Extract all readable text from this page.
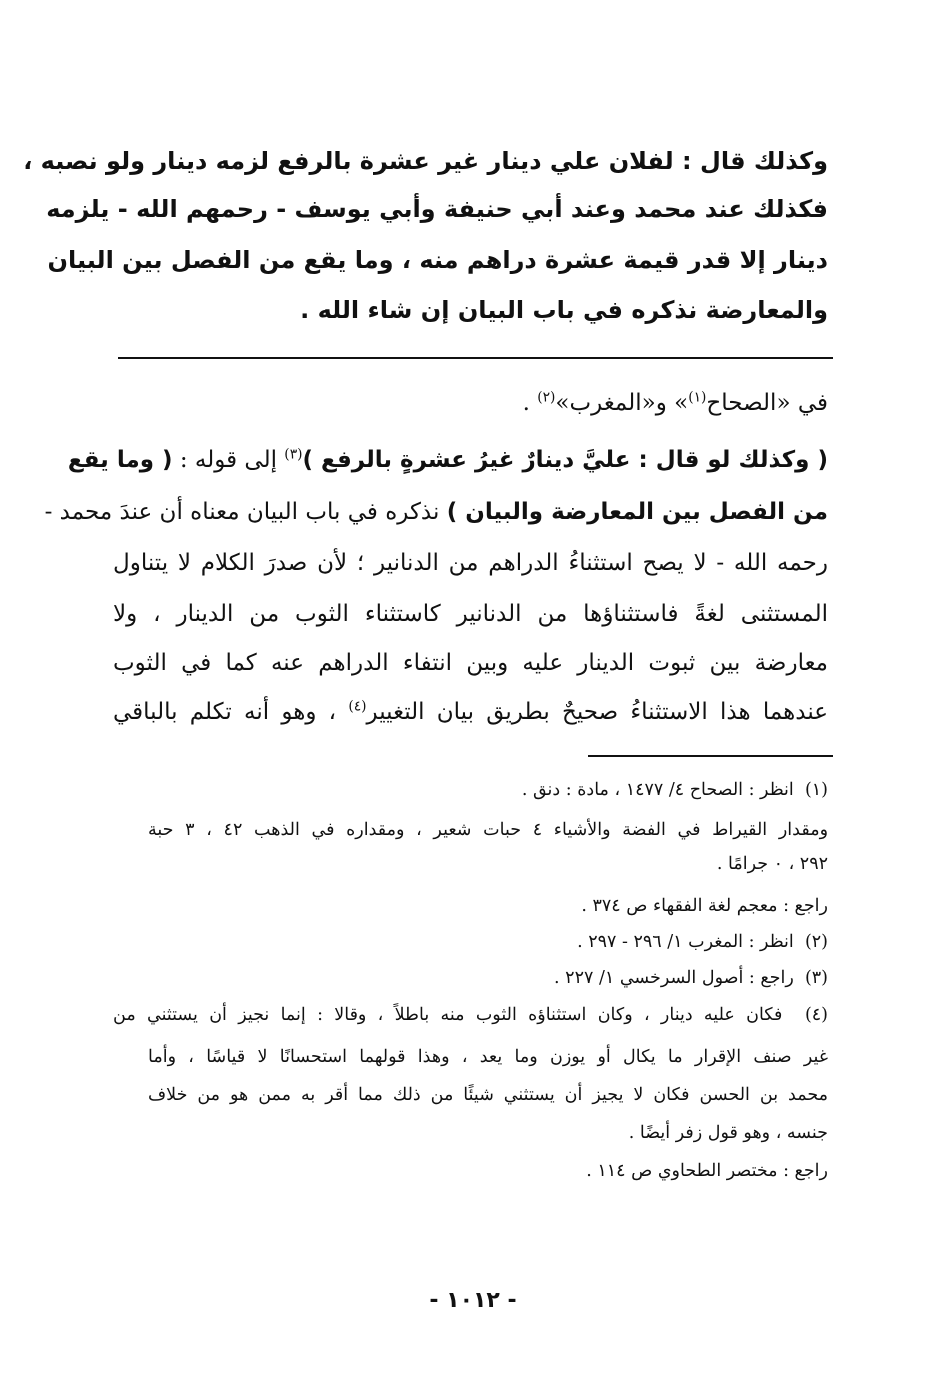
وكذلك قال : لفلان علي دينار غير عشرة بالرفع لزمه دينار ولو نصبه ،
فكذلك عند محمد وعند أبي حنيفة وأبي يوسف - رحمهم الله - يلزمه
دينار إلا قدر قيمة عشرة دراهم منه ، وما يقع من الفصل بين البيان
والمعارضة نذكره في باب البيان إن شاء الله .
في «الصحاح$^{(١)}$» و«المغرب»$^{(٢)}$ .
( وكذلك لو قال : عليَّ دينارٌ غيرُ عشرةٍ بالرفع )$^{(٣)}$ إلى قوله : ( وما يقع
من الفصل بين المعارضة والبيان ) نذكره في باب البيان معناه أن عندَ محمد -
رحمه الله - لا يصح استثناءُ الدراهم من الدنانير ؛ لأن صدرَ الكلام لا يتناول
المستثنى لغةً فاستثناؤها من الدنانير كاستثناء الثوب من الدينار ، ولا
معارضة بين ثبوت الدينار عليه وبين انتفاء الدراهم عنه كما في الثوب
عندهما هذا الاستثناءُ صحيحٌ بطريق بيان التغيير$^{(٤)}$ ، وهو أنه تكلم بالباقي
(١)  انظر : الصحاح ٤/ ١٤٧٧ ، مادة : دنق .
ومقدار القيراط في الفضة والأشياء ٤ حبات شعير ، ومقداره في الذهب ٤٢ ، ٣ حبة
٢٩٢ ، ٠ جرامًا .
راجع : معجم لغة الفقهاء ص ٣٧٤ .
(٢)  انظر : المغرب ١/ ٢٩٦ - ٢٩٧ .
(٣)  راجع : أصول السرخسي ١/ ٢٢٧ .
(٤)  فكان عليه دينار ، وكان استثناؤه الثوب منه باطلاً ، وقالا : إنما نجيز أن يستثني من
غير صنف الإقرار ما يكال أو يوزن وما يعد ، وهذا قولهما استحسانًا لا قياسًا ، وأما
محمد بن الحسن فكان لا يجيز أن يستثني شيئًا من ذلك مما أقر به ممن هو من خلاف
جنسه ، وهو قول زفر أيضًا .
راجع : مختصر الطحاوي ص ١١٤ .
- ١٠١٢ -
